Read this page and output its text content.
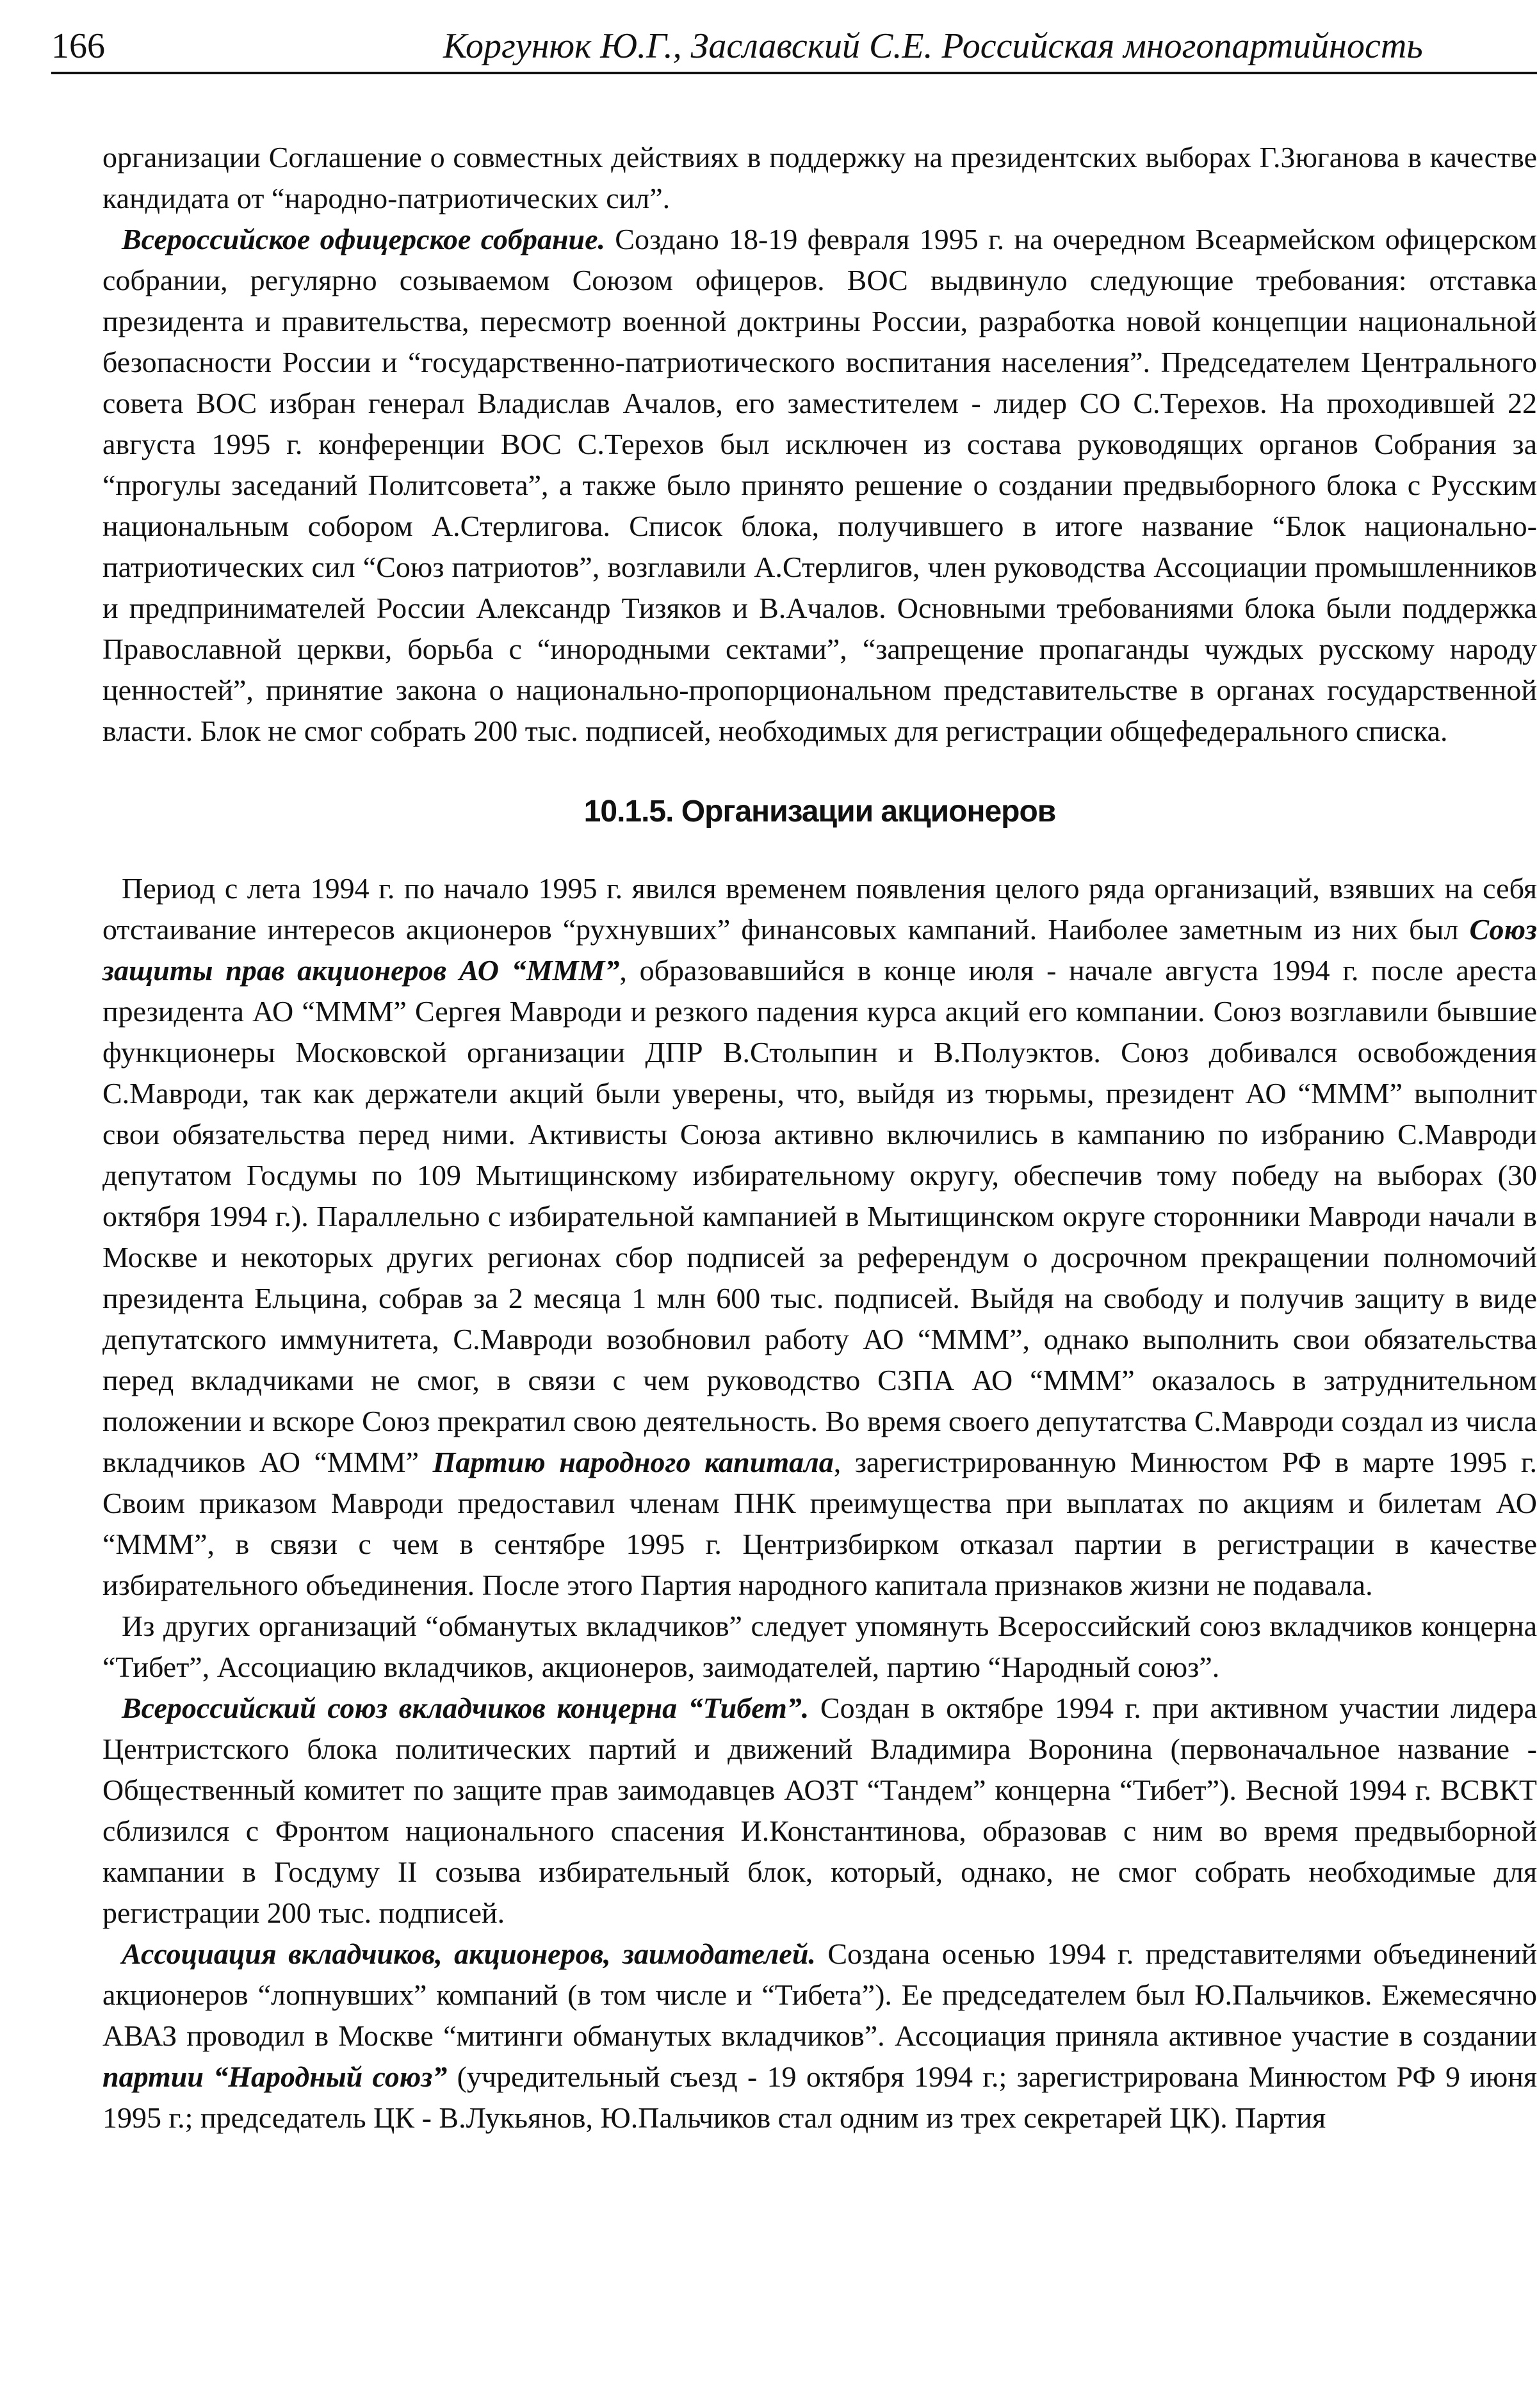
166	Коргунюк Ю.Г., Заславский С.Е. Российская многопартийность

организации Соглашение о совместных действиях в поддержку на президентских выборах Г.Зюганова в качестве кандидата от “народно-патриотических сил”.

Всероссийское офицерское собрание. Создано 18-19 февраля 1995 г. на очередном Всеармейском офицерском собрании, регулярно созываемом Союзом офицеров. ВОС выдвинуло следующие требования: отставка президента и правительства, пересмотр военной доктрины России, разработка новой концепции национальной безопасности России и “государственно-патриотического воспитания населения”. Председателем Центрального совета ВОС избран генерал Владислав Ачалов, его заместителем - лидер СО С.Терехов. На проходившей 22 августа 1995 г. конференции ВОС С.Терехов был исключен из состава руководящих органов Собрания за “прогулы заседаний Политсовета”, а также было принято решение о создании предвыборного блока с Русским национальным собором А.Стерлигова. Список блока, получившего в итоге название “Блок национально-патриотических сил “Союз патриотов”, возглавили А.Стерлигов, член руководства Ассоциации промышленников и предпринимателей России Александр Тизяков и В.Ачалов. Основными требованиями блока были поддержка Православной церкви, борьба с “инородными сектами”, “запрещение пропаганды чуждых русскому народу ценностей”, принятие закона о национально-пропорциональном представительстве в органах государственной власти. Блок не смог собрать 200 тыс. подписей, необходимых для регистрации общефедерального списка.

10.1.5. Организации акционеров

Период с лета 1994 г. по начало 1995 г. явился временем появления целого ряда организаций, взявших на себя отстаивание интересов акционеров “рухнувших” финансовых кампаний. Наиболее заметным из них был Союз защиты прав акционеров АО “МММ”, образовавшийся в конце июля - начале августа 1994 г. после ареста президента АО “МММ” Сергея Мавроди и резкого падения курса акций его компании. Союз возглавили бывшие функционеры Московской организации ДПР В.Столыпин и В.Полуэктов. Союз добивался освобождения С.Мавроди, так как держатели акций были уверены, что, выйдя из тюрьмы, президент АО “МММ” выполнит свои обязательства перед ними. Активисты Союза активно включились в кампанию по избранию С.Мавроди депутатом Госдумы по 109 Мытищинскому избирательному округу, обеспечив тому победу на выборах (30 октября 1994 г.). Параллельно с избирательной кампанией в Мытищинском округе сторонники Мавроди начали в Москве и некоторых других регионах сбор подписей за референдум о досрочном прекращении полномочий президента Ельцина, собрав за 2 месяца 1 млн 600 тыс. подписей. Выйдя на свободу и получив защиту в виде депутатского иммунитета, С.Мавроди возобновил работу АО “МММ”, однако выполнить свои обязательства перед вкладчиками не смог, в связи с чем руководство СЗПА АО “МММ” оказалось в затруднительном положении и вскоре Союз прекратил свою деятельность. Во время своего депутатства С.Мавроди создал из числа вкладчиков АО “МММ” Партию народного капитала, зарегистрированную Минюстом РФ в марте 1995 г. Своим приказом Мавроди предоставил членам ПНК преимущества при выплатах по акциям и билетам АО “МММ”, в связи с чем в сентябре 1995 г. Центризбирком отказал партии в регистрации в качестве избирательного объединения. После этого Партия народного капитала признаков жизни не подавала.

Из других организаций “обманутых вкладчиков” следует упомянуть Всероссийский союз вкладчиков концерна “Тибет”, Ассоциацию вкладчиков, акционеров, заимодателей, партию “Народный союз”.

Всероссийский союз вкладчиков концерна “Тибет”. Создан в октябре 1994 г. при активном участии лидера Центристского блока политических партий и движений Владимира Воронина (первоначальное название - Общественный комитет по защите прав заимодавцев АОЗТ “Тандем” концерна “Тибет”). Весной 1994 г. ВСВКТ сблизился с Фронтом национального спасения И.Константинова, образовав с ним во время предвыборной кампании в Госдуму II созыва избирательный блок, который, однако, не смог собрать необходимые для регистрации 200 тыс. подписей.

Ассоциация вкладчиков, акционеров, заимодателей. Создана осенью 1994 г. представителями объединений акционеров “лопнувших” компаний (в том числе и “Тибета”). Ее председателем был Ю.Пальчиков. Ежемесячно АВАЗ проводил в Москве “митинги обманутых вкладчиков”. Ассоциация приняла активное участие в создании партии “Народный союз” (учредительный съезд - 19 октября 1994 г.; зарегистрирована Минюстом РФ 9 июня 1995 г.; председатель ЦК - В.Лукьянов, Ю.Пальчиков стал одним из трех секретарей ЦК). Партия
